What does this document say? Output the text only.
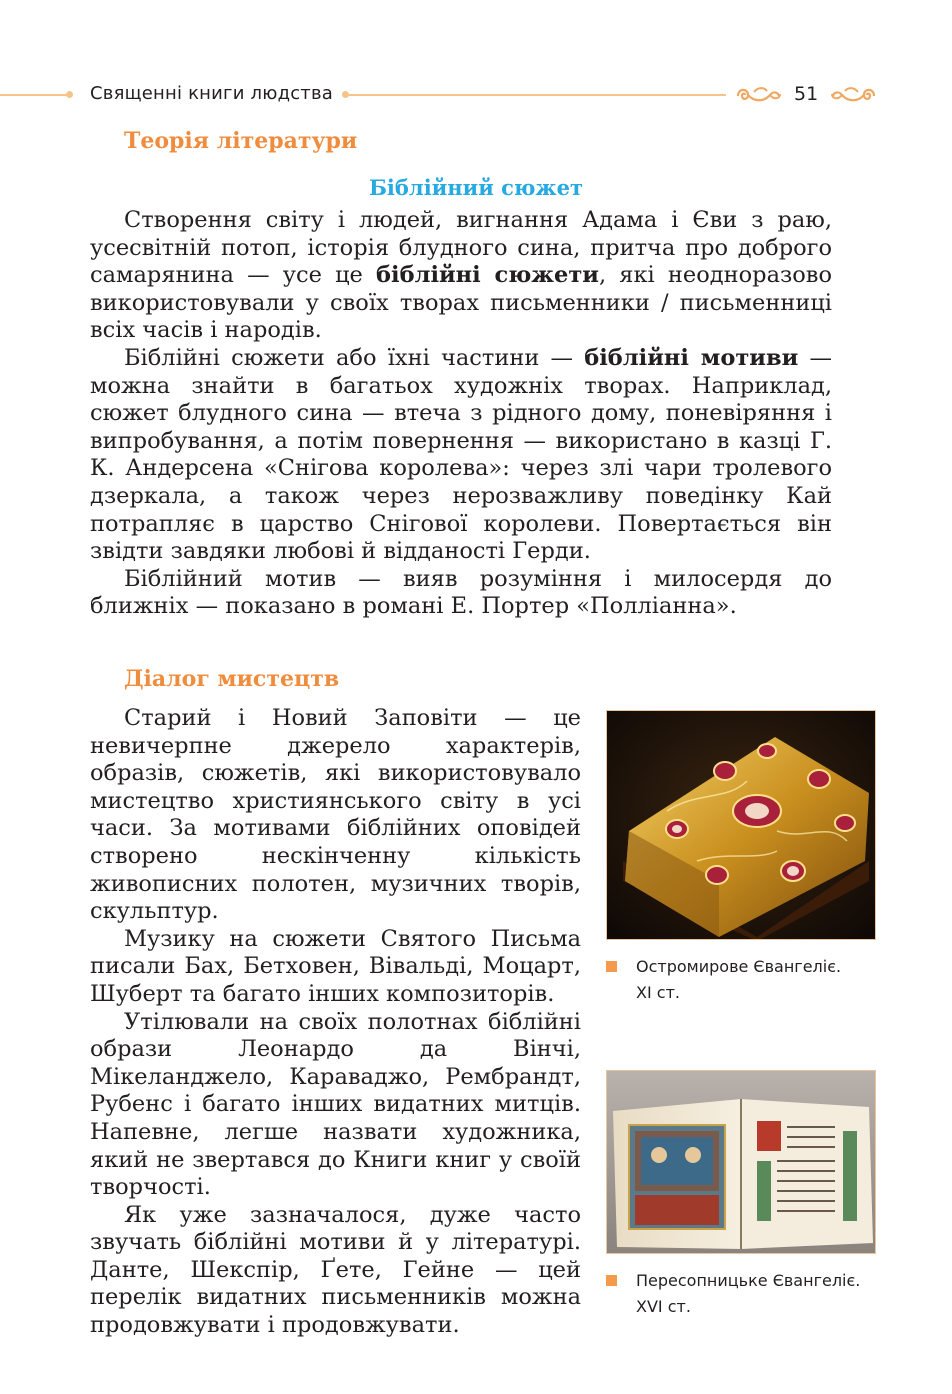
Священні книги людства	51
Теорія літератури
Біблійний сюжет

Створення світу і людей, вигнання Адама і Єви з раю, усесвітній потоп, історія блудного сина, притча про доброго самарянина — усе це біблійні сюжети, які неодноразово використовували у своїх творах письменники / письменниці всіх часів і народів.

Біблійні сюжети або їхні частини — біблійні мотиви — можна знайти в багатьох художніх творах. Наприклад, сюжет блудного сина — втеча з рідного дому, поневіряння і випробування, а потім повернення — використано в казці Г. К. Андерсена «Снігова королева»: через злі чари тролевого дзеркала, а також через нерозважливу поведінку Кай потрапляє в царство Снігової королеви. Повертається він звідти завдяки любові й відданості Герди.

Біблійний мотив — вияв розуміння і милосердя до ближніх — показано в романі Е. Портер «Полліанна».

Діалог мистецтв

Старий і Новий Заповіти — це невичерпне джерело характерів, образів, сюжетів, які використовувало мистецтво християнського світу в усі часи. За мотивами біблійних оповідей створено нескінченну кількість живописних полотен, музичних творів, скульптур.

Музику на сюжети Святого Письма писали Бах, Бетховен, Вівальді, Моцарт, Шуберт та багато інших композиторів.

Утілювали на своїх полотнах біблійні образи Леонардо да Вінчі, Мікеланджело, Караваджо, Рембрандт, Рубенс і багато інших видатних митців. Напевне, легше назвати художника, який не звертався до Книги книг у своїй творчості.

Як уже зазначалося, дуже часто звучать біблійні мотиви й у літературі. Данте, Шекспір, Ґете, Гейне — цей перелік видатних письменників можна продовжувати і продовжувати.

Остромирове Євангеліє.
XI ст.
Пересопницьке Євангеліє.
XVI ст.
